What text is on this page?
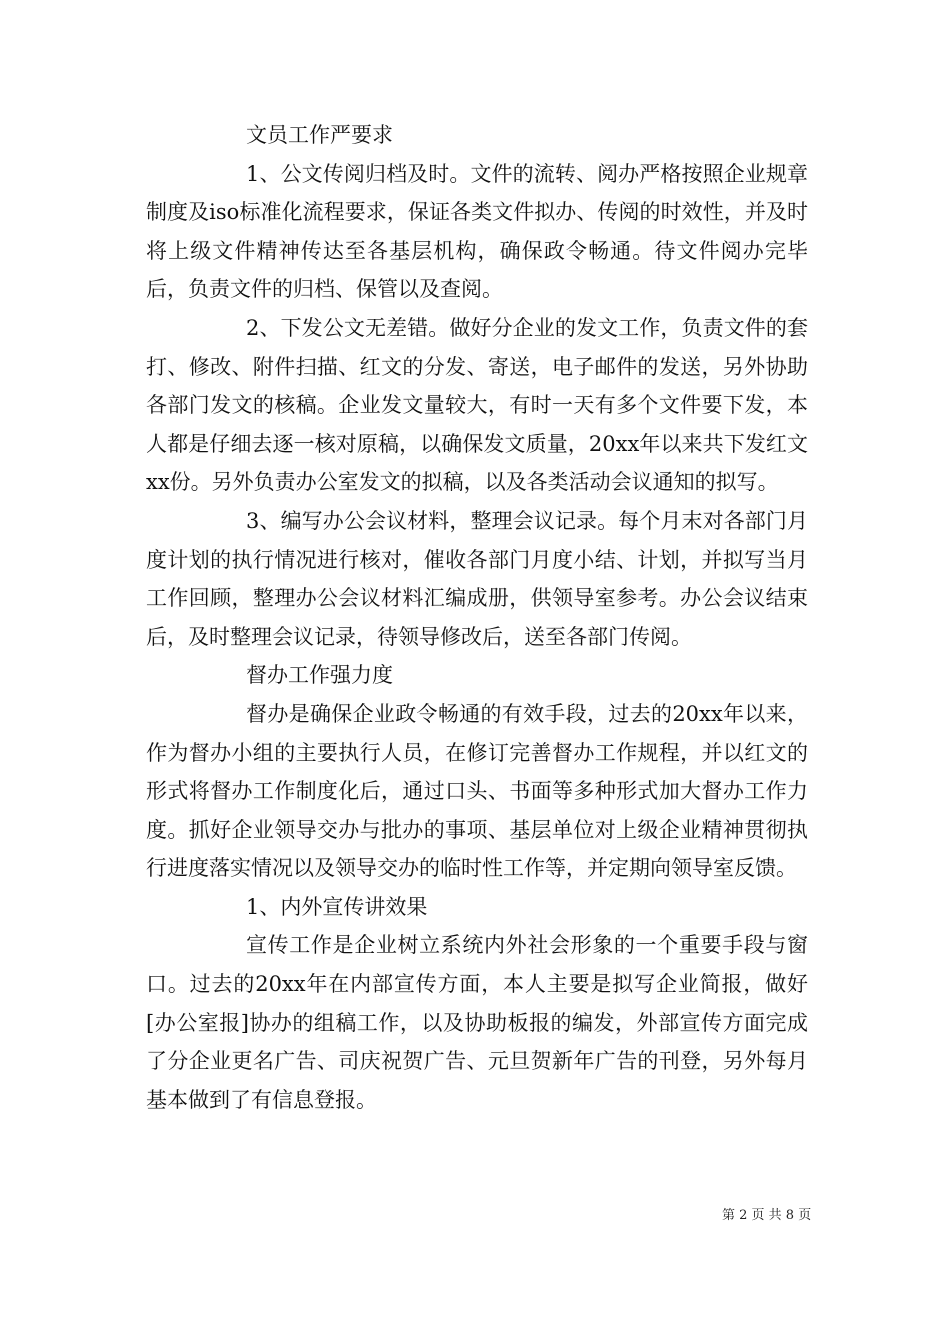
文员工作严要求

1、公文传阅归档及时。文件的流转、阅办严格按照企业规章制度及iso标准化流程要求，保证各类文件拟办、传阅的时效性，并及时将上级文件精神传达至各基层机构，确保政令畅通。待文件阅办完毕后，负责文件的归档、保管以及查阅。

2、下发公文无差错。做好分企业的发文工作，负责文件的套打、修改、附件扫描、红文的分发、寄送，电子邮件的发送，另外协助各部门发文的核稿。企业发文量较大，有时一天有多个文件要下发，本人都是仔细去逐一核对原稿，以确保发文质量，20xx年以来共下发红文xx份。另外负责办公室发文的拟稿，以及各类活动会议通知的拟写。

3、编写办公会议材料，整理会议记录。每个月末对各部门月度计划的执行情况进行核对，催收各部门月度小结、计划，并拟写当月工作回顾，整理办公会议材料汇编成册，供领导室参考。办公会议结束后，及时整理会议记录，待领导修改后，送至各部门传阅。

督办工作强力度

督办是确保企业政令畅通的有效手段，过去的20xx年以来，作为督办小组的主要执行人员，在修订完善督办工作规程，并以红文的形式将督办工作制度化后，通过口头、书面等多种形式加大督办工作力度。抓好企业领导交办与批办的事项、基层单位对上级企业精神贯彻执行进度落实情况以及领导交办的临时性工作等，并定期向领导室反馈。

1、内外宣传讲效果

宣传工作是企业树立系统内外社会形象的一个重要手段与窗口。过去的20xx年在内部宣传方面，本人主要是拟写企业简报，做好[办公室报]协办的组稿工作，以及协助板报的编发，外部宣传方面完成了分企业更名广告、司庆祝贺广告、元旦贺新年广告的刊登，另外每月基本做到了有信息登报。

第 2 页 共 8 页
